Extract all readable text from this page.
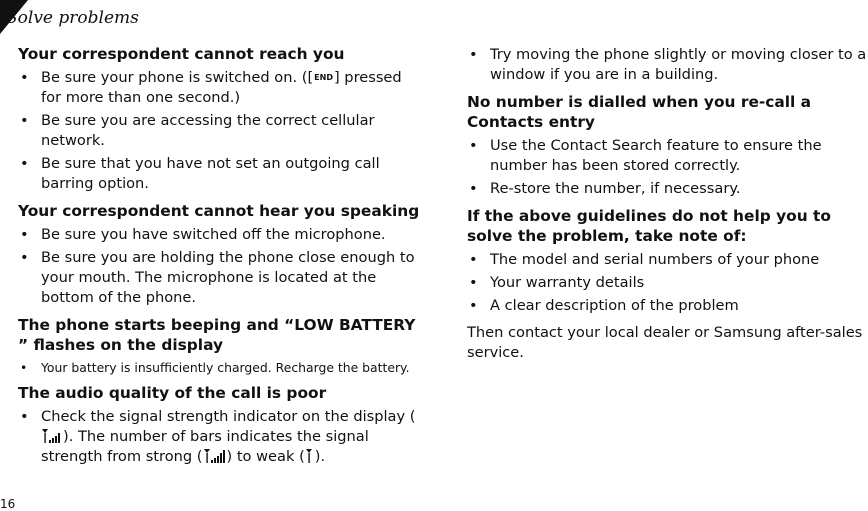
Solve problems
Your correspondent cannot reach you
• Be sure your phone is switched on. ([END] pressed for more than one second.)
• Be sure you are accessing the correct cellular network.
• Be sure that you have not set an outgoing call barring option.
Your correspondent cannot hear you speaking
• Be sure you have switched off the microphone.
• Be sure you are holding the phone close enough to your mouth. The microphone is located at the bottom of the phone.
The phone starts beeping and “LOW BATTERY ” flashes on the display
• Your battery is insufficiently charged. Recharge the battery.
The audio quality of the call is poor
• Check the signal strength indicator on the display (). The number of bars indicates the signal strength from strong ( ) to weak ( ).
• Try moving the phone slightly or moving closer to a window if you are in a building.
No number is dialled when you re-call a Contacts entry
• Use the Contact Search feature to ensure the number has been stored correctly.
• Re-store the number, if necessary.
If the above guidelines do not help you to solve the problem, take note of:
• The model and serial numbers of your phone
• Your warranty details
• A clear description of the problem

Then contact your local dealer or Samsung after-sales service.

16
